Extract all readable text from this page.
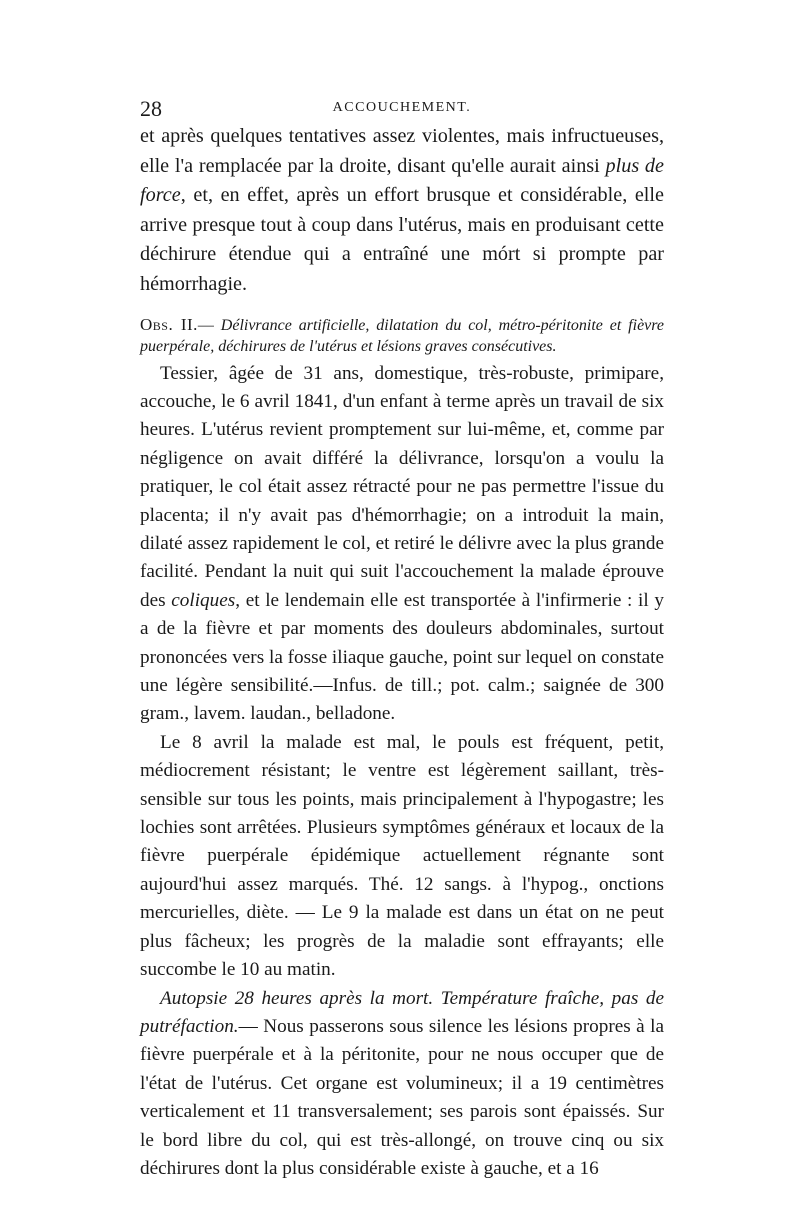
28	ACCOUCHEMENT.

et après quelques tentatives assez violentes, mais infructueuses, elle l'a remplacée par la droite, disant qu'elle aurait ainsi plus de force, et, en effet, après un effort brusque et considérable, elle arrive presque tout à coup dans l'utérus, mais en produisant cette déchirure étendue qui a entraîné une mórt si prompte par hémorrhagie.

Obs. II.— Délivrance artificielle, dilatation du col, métro-péritonite et fièvre puerpérale, déchirures de l'utérus et lésions graves consécutives.

Tessier, âgée de 31 ans, domestique, très-robuste, primipare, accouche, le 6 avril 1841, d'un enfant à terme après un travail de six heures. L'utérus revient promptement sur lui-même, et, comme par négligence on avait différé la délivrance, lorsqu'on a voulu la pratiquer, le col était assez rétracté pour ne pas permettre l'issue du placenta; il n'y avait pas d'hémorrhagie; on a introduit la main, dilaté assez rapidement le col, et retiré le délivre avec la plus grande facilité. Pendant la nuit qui suit l'accouchement la malade éprouve des coliques, et le lendemain elle est transportée à l'infirmerie : il y a de la fièvre et par moments des douleurs abdominales, surtout prononcées vers la fosse iliaque gauche, point sur lequel on constate une légère sensibilité.—Infus. de till.; pot. calm.; saignée de 300 gram., lavem. laudan., belladone.

Le 8 avril la malade est mal, le pouls est fréquent, petit, médiocrement résistant; le ventre est légèrement saillant, très-sensible sur tous les points, mais principalement à l'hypogastre; les lochies sont arrêtées. Plusieurs symptômes généraux et locaux de la fièvre puerpérale épidémique actuellement régnante sont aujourd'hui assez marqués. Thé. 12 sangs. à l'hypog., onctions mercurielles, diète. — Le 9 la malade est dans un état on ne peut plus fâcheux; les progrès de la maladie sont effrayants; elle succombe le 10 au matin.

Autopsie 28 heures après la mort. Température fraîche, pas de putréfaction.— Nous passerons sous silence les lésions propres à la fièvre puerpérale et à la péritonite, pour ne nous occuper que de l'état de l'utérus. Cet organe est volumineux; il a 19 centimètres verticalement et 11 transversalement; ses parois sont épaissés. Sur le bord libre du col, qui est très-allongé, on trouve cinq ou six déchirures dont la plus considérable existe à gauche, et a 16
